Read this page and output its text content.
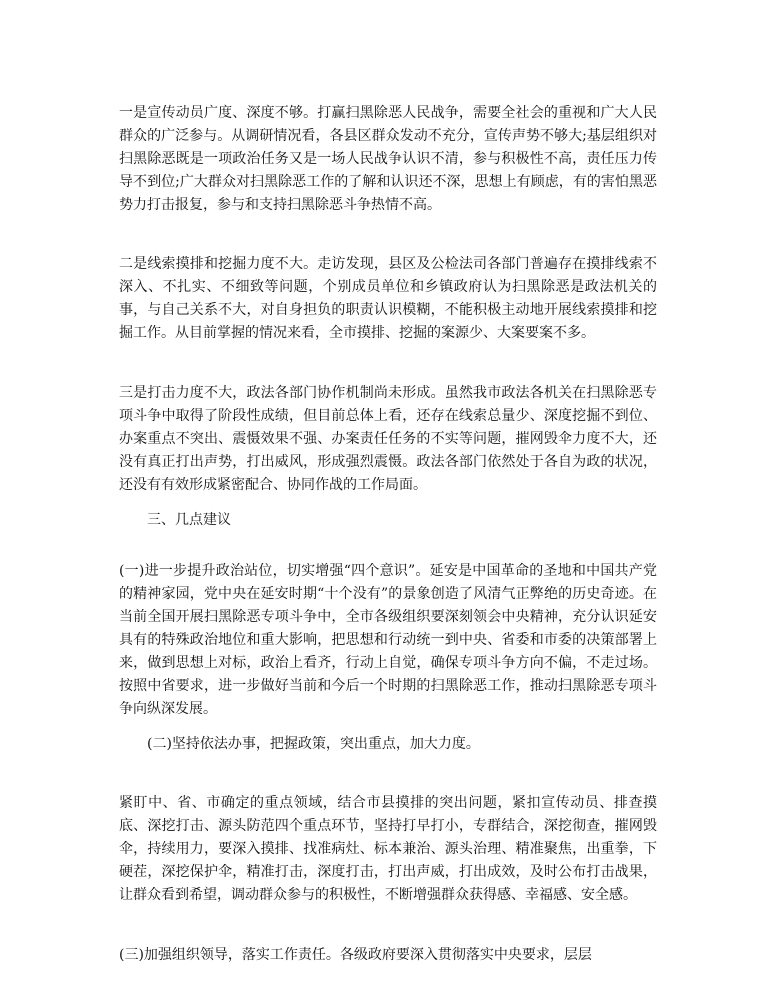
一是宣传动员广度、深度不够。打赢扫黑除恶人民战争，需要全社会的重视和广大人民群众的广泛参与。从调研情况看，各县区群众发动不充分，宣传声势不够大;基层组织对扫黑除恶既是一项政治任务又是一场人民战争认识不清，参与积极性不高，责任压力传导不到位;广大群众对扫黑除恶工作的了解和认识还不深，思想上有顾虑，有的害怕黑恶势力打击报复，参与和支持扫黑除恶斗争热情不高。

二是线索摸排和挖掘力度不大。走访发现，县区及公检法司各部门普遍存在摸排线索不深入、不扎实、不细致等问题，个别成员单位和乡镇政府认为扫黑除恶是政法机关的事，与自己关系不大，对自身担负的职责认识模糊，不能积极主动地开展线索摸排和挖掘工作。从目前掌握的情况来看，全市摸排、挖掘的案源少、大案要案不多。

三是打击力度不大，政法各部门协作机制尚未形成。虽然我市政法各机关在扫黑除恶专项斗争中取得了阶段性成绩，但目前总体上看，还存在线索总量少、深度挖掘不到位、办案重点不突出、震慑效果不强、办案责任任务的不实等问题，摧网毁伞力度不大，还没有真正打出声势，打出威风，形成强烈震慑。政法各部门依然处于各自为政的状况，还没有有效形成紧密配合、协同作战的工作局面。

三、几点建议

(一)进一步提升政治站位，切实增强“四个意识”。延安是中国革命的圣地和中国共产党的精神家园，党中央在延安时期“十个没有”的景象创造了风清气正弊绝的历史奇迹。在当前全国开展扫黑除恶专项斗争中，全市各级组织要深刻领会中央精神，充分认识延安具有的特殊政治地位和重大影响，把思想和行动统一到中央、省委和市委的决策部署上来，做到思想上对标，政治上看齐，行动上自觉，确保专项斗争方向不偏，不走过场。按照中省要求，进一步做好当前和今后一个时期的扫黑除恶工作，推动扫黑除恶专项斗争向纵深发展。

(二)坚持依法办事，把握政策，突出重点，加大力度。

紧盯中、省、市确定的重点领域，结合市县摸排的突出问题，紧扣宣传动员、排查摸底、深挖打击、源头防范四个重点环节，坚持打早打小，专群结合，深挖彻查，摧网毁伞，持续用力，要深入摸排、找准病灶、标本兼治、源头治理、精准聚焦，出重拳，下硬茬，深挖保护伞，精准打击，深度打击，打出声威，打出成效，及时公布打击战果，让群众看到希望，调动群众参与的积极性，不断增强群众获得感、幸福感、安全感。

(三)加强组织领导，落实工作责任。各级政府要深入贯彻落实中央要求，层层
